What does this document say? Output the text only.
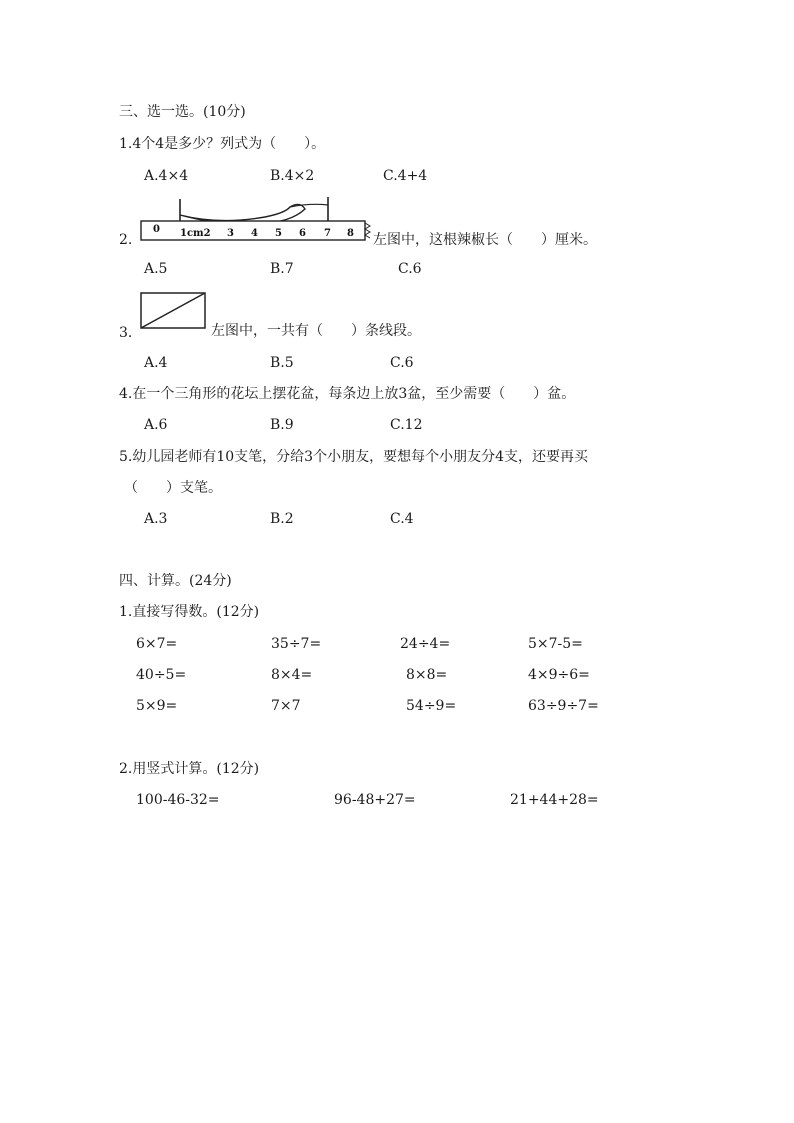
三、选一选。(10分)
1.4个4是多少？列式为（　　）。
A.4×4	B.4×2	C.4+4
2.
0 1cm2 3 4 5 6 7 8 左图中，这根辣椒长（　　）厘米。
A.5	B.7	C.6
3.	左图中，一共有（　　）条线段。
A.4	B.5	C.6
4.在一个三角形的花坛上摆花盆，每条边上放3盆，至少需要（　　）盆。
A.6	B.9	C.12
5.幼儿园老师有10支笔，分给3个小朋友，要想每个小朋友分4支，还要再买
（　　）支笔。
A.3	B.2	C.4
四、计算。(24分)
1.直接写得数。(12分)
6×7=	35÷7=	24÷4=	5×7-5=
40÷5=	8×4=	8×8=	4×9÷6=
5×9=	7×7	54÷9=	63÷9÷7=
2.用竖式计算。(12分)
100-46-32=	96-48+27=	21+44+28=
